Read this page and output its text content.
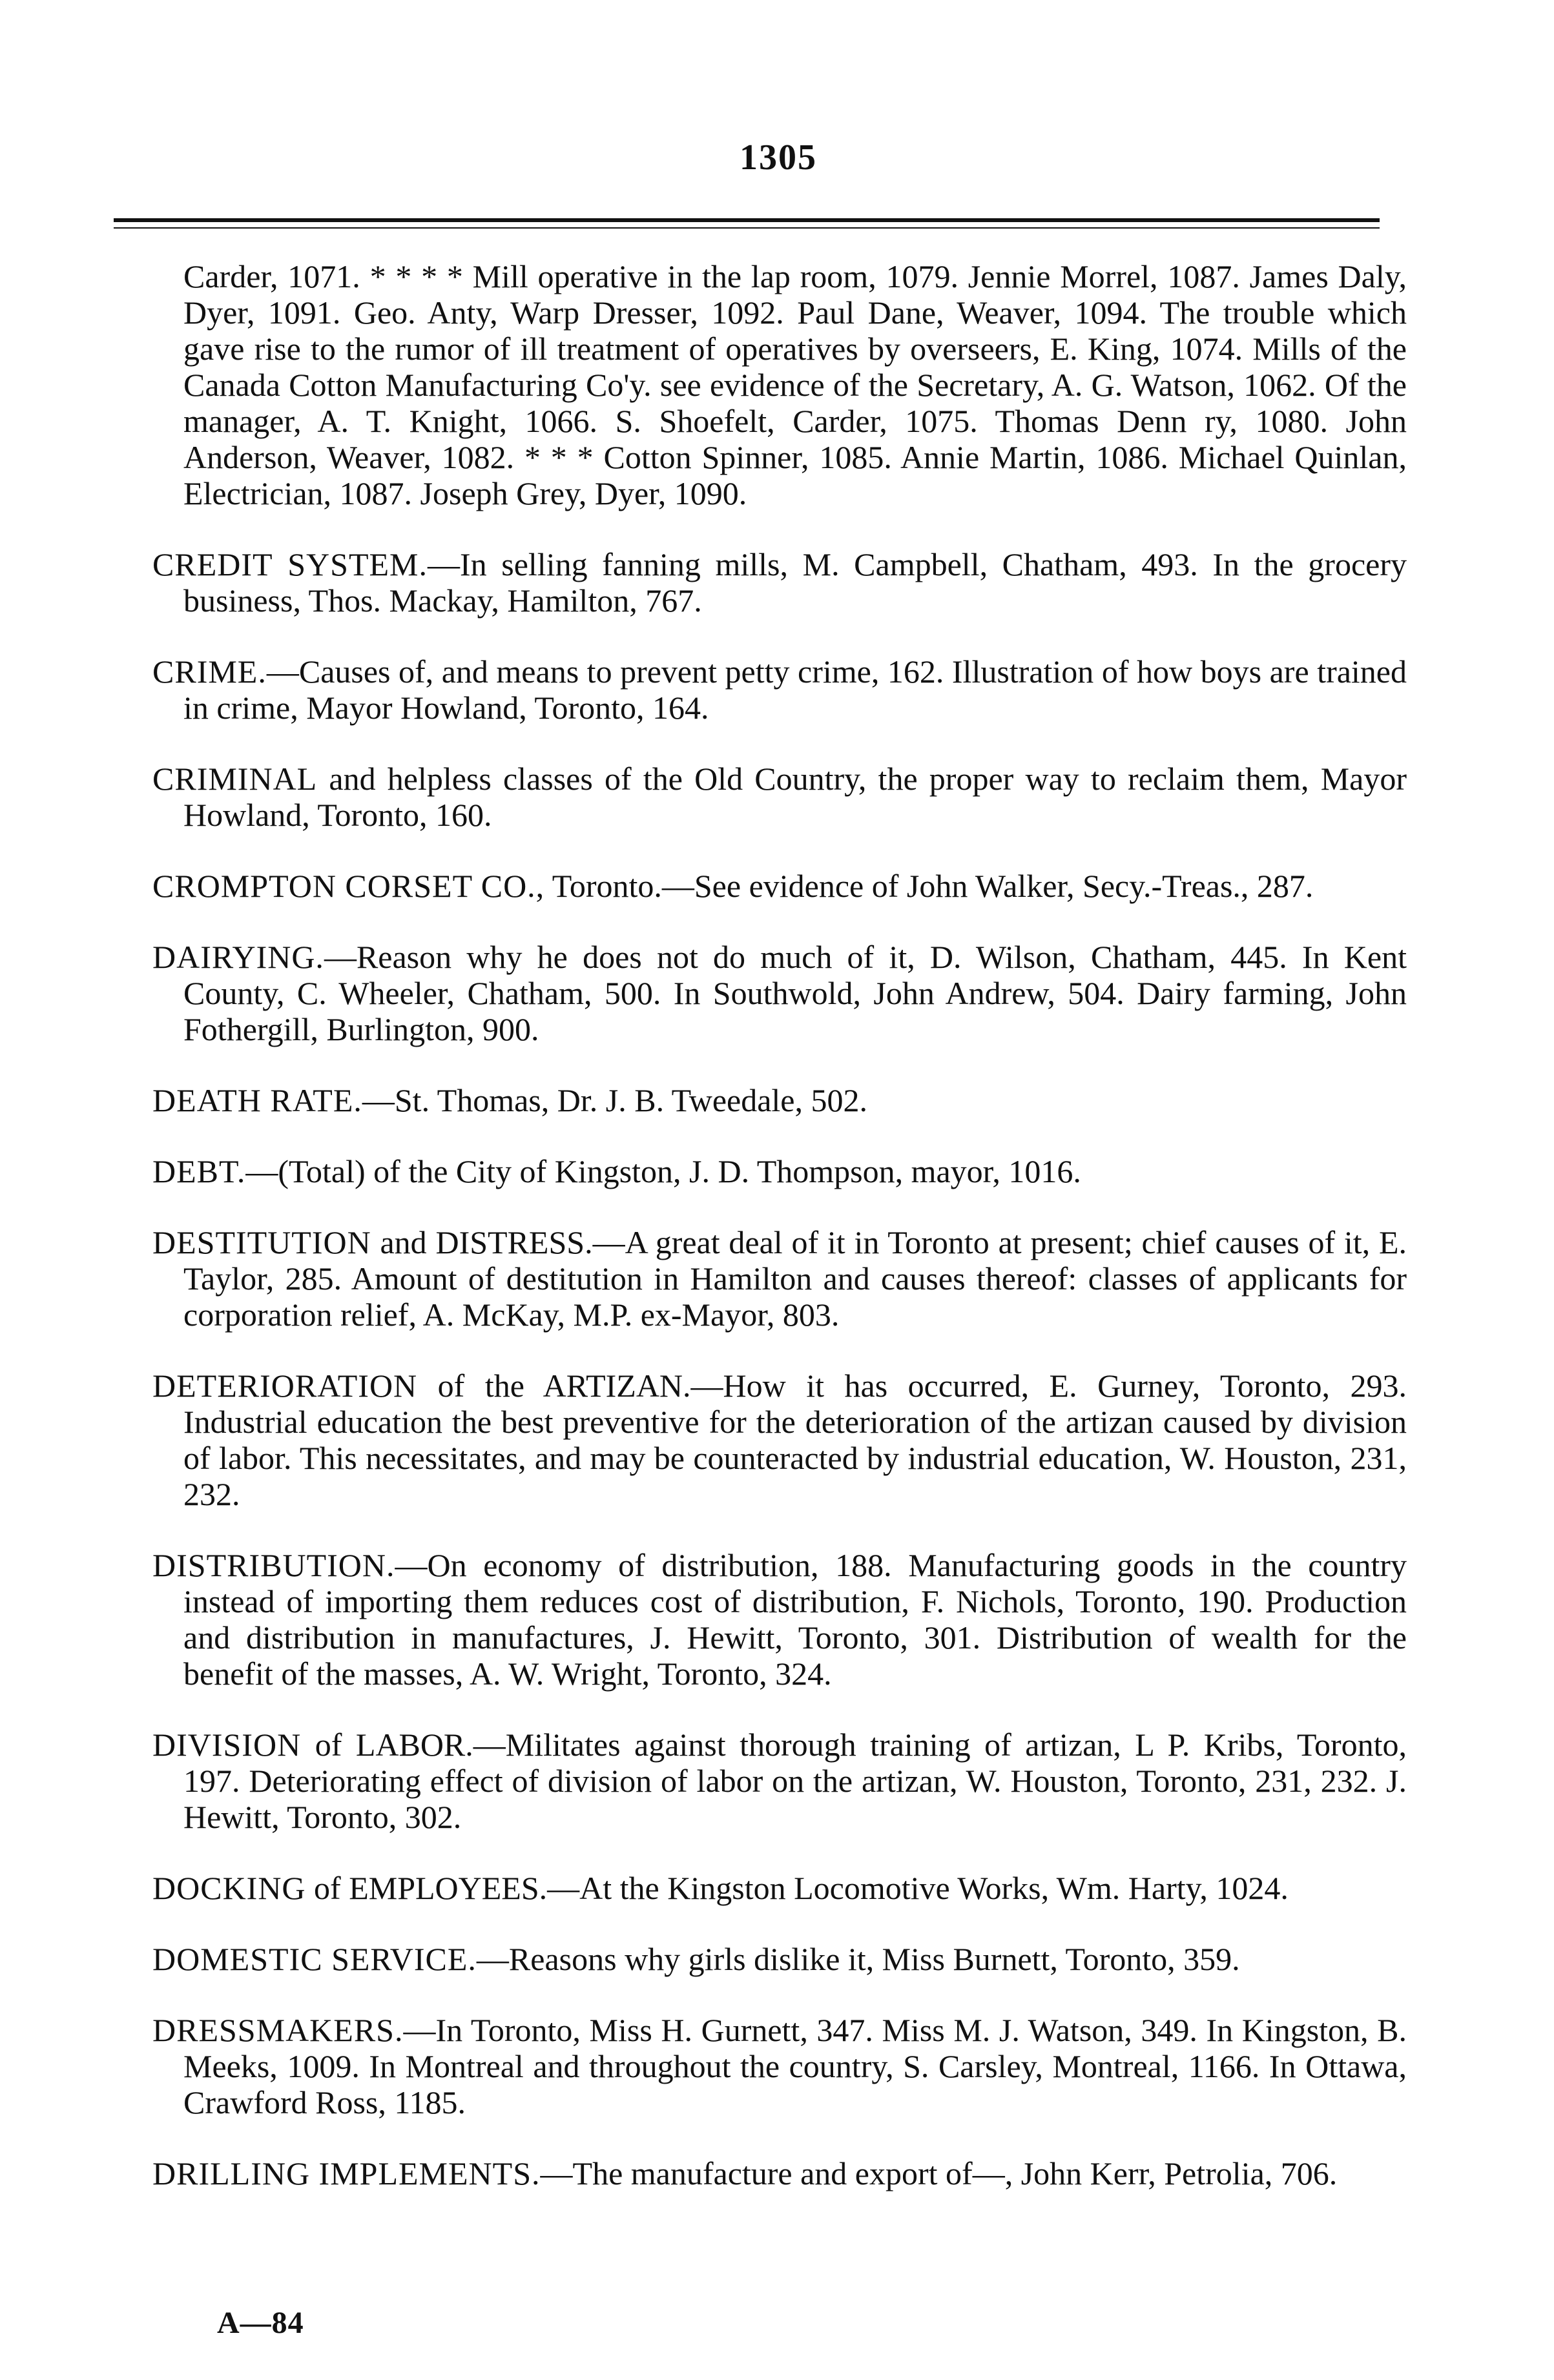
1305

Carder, 1071. * * * * Mill operative in the lap room, 1079. Jennie Morrel, 1087. James Daly, Dyer, 1091. Geo. Anty, Warp Dresser, 1092. Paul Dane, Weaver, 1094. The trouble which gave rise to the rumor of ill treatment of operatives by overseers, E. King, 1074. Mills of the Canada Cotton Manufacturing Co'y. see evidence of the Secretary, A. G. Watson, 1062. Of the manager, A. T. Knight, 1066. S. Shoefelt, Carder, 1075. Thomas Denn ry, 1080. John Anderson, Weaver, 1082. * * * Cotton Spinner, 1085. Annie Martin, 1086. Michael Quinlan, Electrician, 1087. Joseph Grey, Dyer, 1090.

CREDIT SYSTEM.—In selling fanning mills, M. Campbell, Chatham, 493. In the grocery business, Thos. Mackay, Hamilton, 767.

CRIME.—Causes of, and means to prevent petty crime, 162. Illustration of how boys are trained in crime, Mayor Howland, Toronto, 164.

CRIMINAL and helpless classes of the Old Country, the proper way to reclaim them, Mayor Howland, Toronto, 160.

CROMPTON CORSET CO., Toronto.—See evidence of John Walker, Secy.-Treas., 287.

DAIRYING.—Reason why he does not do much of it, D. Wilson, Chatham, 445. In Kent County, C. Wheeler, Chatham, 500. In Southwold, John Andrew, 504. Dairy farming, John Fothergill, Burlington, 900.

DEATH RATE.—St. Thomas, Dr. J. B. Tweedale, 502.

DEBT.—(Total) of the City of Kingston, J. D. Thompson, mayor, 1016.

DESTITUTION and DISTRESS.—A great deal of it in Toronto at present; chief causes of it, E. Taylor, 285. Amount of destitution in Hamilton and causes thereof: classes of applicants for corporation relief, A. McKay, M.P. ex-Mayor, 803.

DETERIORATION of the ARTIZAN.—How it has occurred, E. Gurney, Toronto, 293. Industrial education the best preventive for the deterioration of the artizan caused by division of labor. This necessitates, and may be counteracted by industrial education, W. Houston, 231, 232.

DISTRIBUTION.—On economy of distribution, 188. Manufacturing goods in the country instead of importing them reduces cost of distribution, F. Nichols, Toronto, 190. Production and distribution in manufactures, J. Hewitt, Toronto, 301. Distribution of wealth for the benefit of the masses, A. W. Wright, Toronto, 324.

DIVISION of LABOR.—Militates against thorough training of artizan, L P. Kribs, Toronto, 197. Deteriorating effect of division of labor on the artizan, W. Houston, Toronto, 231, 232. J. Hewitt, Toronto, 302.

DOCKING of EMPLOYEES.—At the Kingston Locomotive Works, Wm. Harty, 1024.

DOMESTIC SERVICE.—Reasons why girls dislike it, Miss Burnett, Toronto, 359.

DRESSMAKERS.—In Toronto, Miss H. Gurnett, 347. Miss M. J. Watson, 349. In Kingston, B. Meeks, 1009. In Montreal and throughout the country, S. Carsley, Montreal, 1166. In Ottawa, Crawford Ross, 1185.

DRILLING IMPLEMENTS.—The manufacture and export of—, John Kerr, Petrolia, 706.

A—84
